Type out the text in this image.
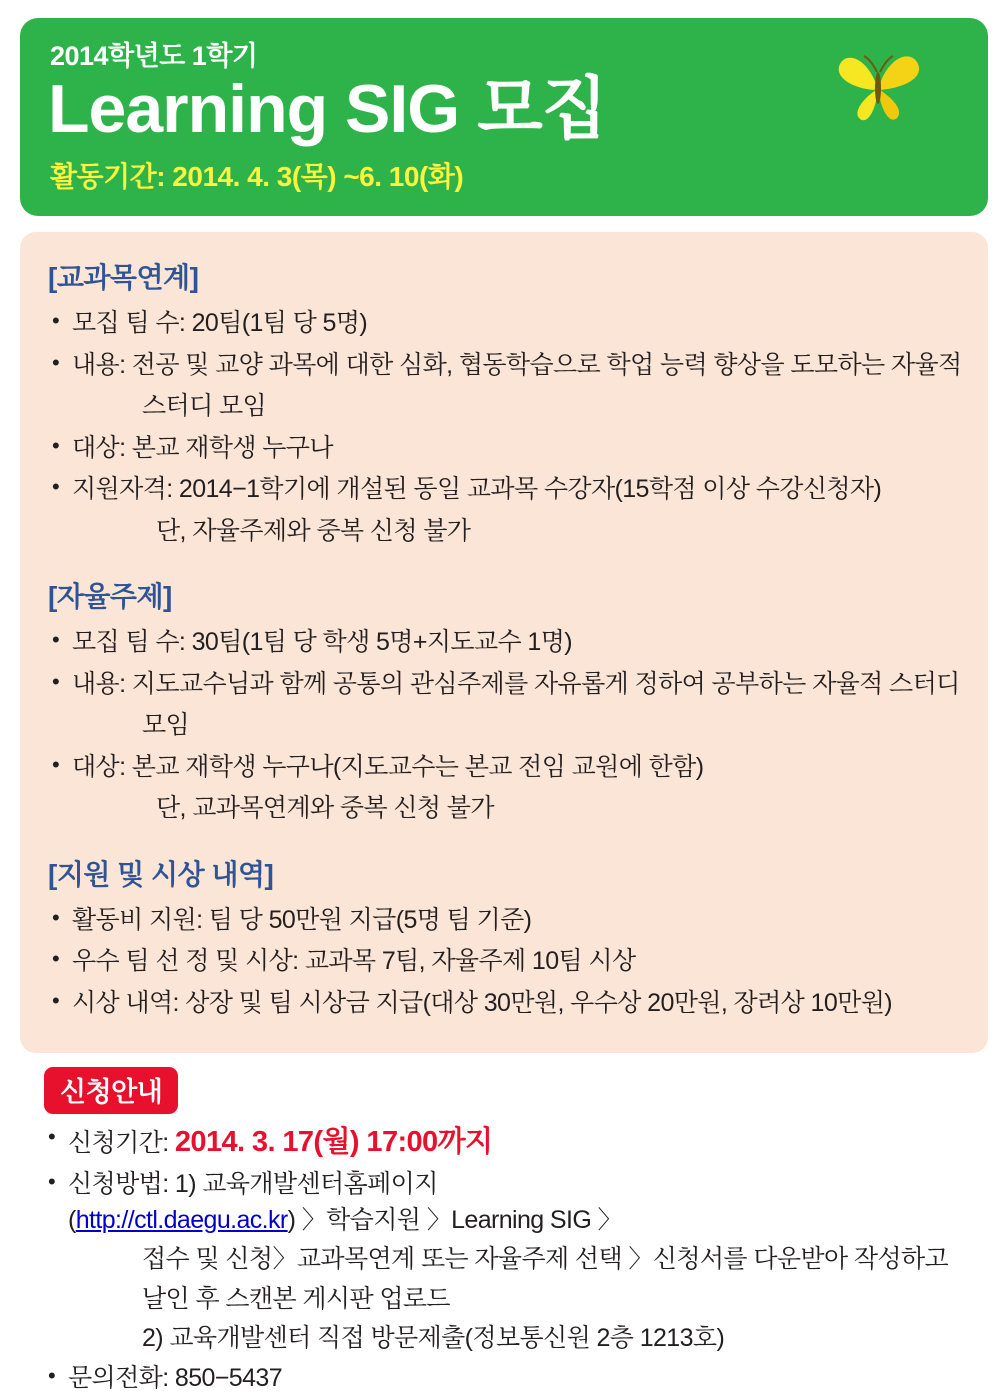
2014학년도 1학기
Learning SIG 모집
활동기간: 2014. 4. 3(목) ~6. 10(화)
[교과목연계]
• 모집 팀 수: 20팀(1팀 당 5명)
• 내용: 전공 및 교양 과목에 대한 심화, 협동학습으로 학업 능력 향상을 도모하는 자율적
스터디 모임
• 대상: 본교 재학생 누구나
• 지원자격: 2014−1학기에 개설된 동일 교과목 수강자(15학점 이상 수강신청자)
단, 자율주제와 중복 신청 불가
[자율주제]
• 모집 팀 수: 30팀(1팀 당 학생 5명+지도교수 1명)
• 내용: 지도교수님과 함께 공통의 관심주제를 자유롭게 정하여 공부하는 자율적 스터디
모임
• 대상: 본교 재학생 누구나(지도교수는 본교 전임 교원에 한함)
단, 교과목연계와 중복 신청 불가
[지원 및 시상 내역]
• 활동비 지원: 팀 당 50만원 지급(5명 팀 기준)
• 우수 팀 선 정 및 시상: 교과목 7팀, 자율주제 10팀 시상
• 시상 내역: 상장 및 팀 시상금 지급(대상 30만원, 우수상 20만원, 장려상 10만원)
신청안내
• 신청기간: 2014. 3. 17(월) 17:00까지
• 신청방법: 1) 교육개발센터홈페이지(http://ctl.daegu.ac.kr) 〉학습지원 〉Learning SIG 〉
접수 및 신청〉교과목연계 또는 자율주제 선택 〉신청서를 다운받아 작성하고
날인 후 스캔본 게시판 업로드
2) 교육개발센터 직접 방문제출(정보통신원 2층 1213호)
• 문의전화: 850−5437
